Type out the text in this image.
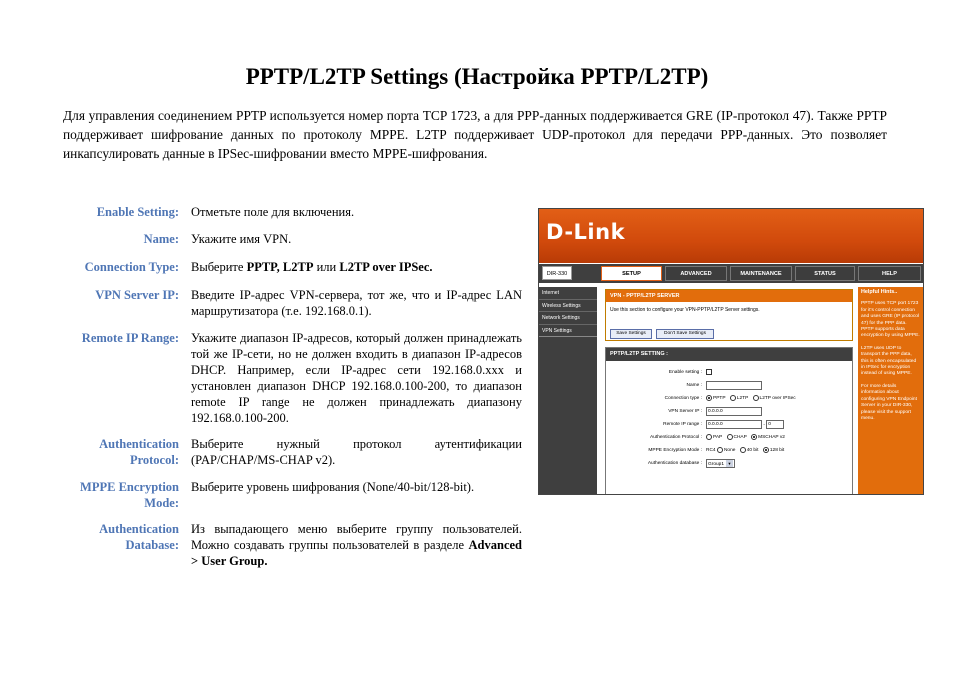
PPTP/L2TP Settings (Настройка PPTP/L2TP)
Для управления соединением PPTP используется номер порта TCP 1723, а для PPP-данных поддерживается GRE (IP-протокол 47). Также PPTP поддерживает шифрование данных по протоколу MPPE. L2TP поддерживает UDP-протокол для передачи PPP-данных. Это позволяет инкапсулировать данные в IPSec-шифровании вместо MPPE-шифрования.
Enable Setting: Отметьте поле для включения.
Name: Укажите имя VPN.
Connection Type: Выберите PPTP, L2TP или L2TP over IPSec.
VPN Server IP: Введите IP-адрес VPN-сервера, тот же, что и IP-адрес LAN маршрутизатора (т.е. 192.168.0.1).
Remote IP Range: Укажите диапазон IP-адресов, который должен принадлежать той же IP-сети, но не должен входить в диапазон IP-адресов DHCP. Например, если IP-адрес сети 192.168.0.xxx и установлен диапазон DHCP 192.168.0.100-200, то диапазон remote IP range не должен принадлежать диапазону 192.168.0.100-200.
Authentication Protocol:
Выберите нужный протокол аутентификации (PAP/CHAP/MS-CHAP v2).
MPPE Encryption Mode:
Выберите уровень шифрования (None/40-bit/128-bit).
Authentication Database:
Из выпадающего меню выберите группу пользователей. Можно создавать группы пользователей в разделе Advanced > User Group.
D-Link
DIR-330	SETUP	ADVANCED	MAINTENANCE	STATUS	HELP
Internet
Wireless Settings
Network Settings
VPN Settings
VPN - PPTP/L2TP SERVER
Use this section to configure your VPN-PPTP/L2TP Server settings.
Save Settings	Don't Save Settings
PPTP/L2TP SETTING :
Enable setting :
Name :
Connection type :	PPTP L2TP L2TP over IPSec
VPN Server IP :	0.0.0.0
Remote IP range :	0.0.0.0	- 0
Authentication Protocol :	PAP CHAP MSCHAP v2
MPPE Encryption Mode : RC4 None 40 bit 128 bit
Authentication database :	Group1 ▼
Helpful Hints..

PPTP uses TCP port 1723 for it's control connection and uses GRE (IP protocol 47) for the PPP data. PPTP supports data encryption by using MPPE.

L2TP uses UDP to transport the PPP data, this is often encapsulated in IPSec for encryption instead of using MPPE.

For more details information about configuring VPN Endpoint Server in your DIR-330, please visit the support menu.
